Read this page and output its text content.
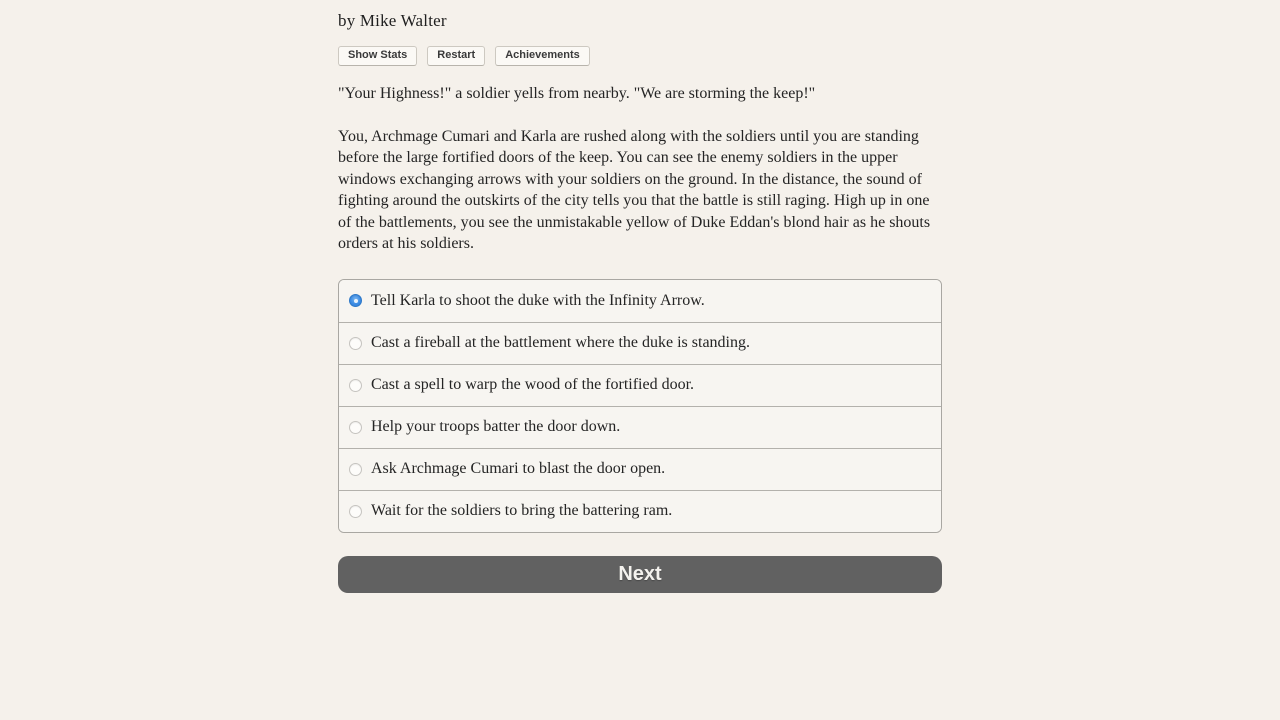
by Mike Walter
Show Stats	Restart	Achievements

"Your Highness!" a soldier yells from nearby. "We are storming the keep!"

You, Archmage Cumari and Karla are rushed along with the soldiers until you are standing before the large fortified doors of the keep. You can see the enemy soldiers in the upper windows exchanging arrows with your soldiers on the ground. In the distance, the sound of fighting around the outskirts of the city tells you that the battle is still raging. High up in one of the battlements, you see the unmistakable yellow of Duke Eddan's blond hair as he shouts orders at his soldiers.

Tell Karla to shoot the duke with the Infinity Arrow.
Cast a fireball at the battlement where the duke is standing.
Cast a spell to warp the wood of the fortified door.
Help your troops batter the door down.
Ask Archmage Cumari to blast the door open.
Wait for the soldiers to bring the battering ram.
Next
